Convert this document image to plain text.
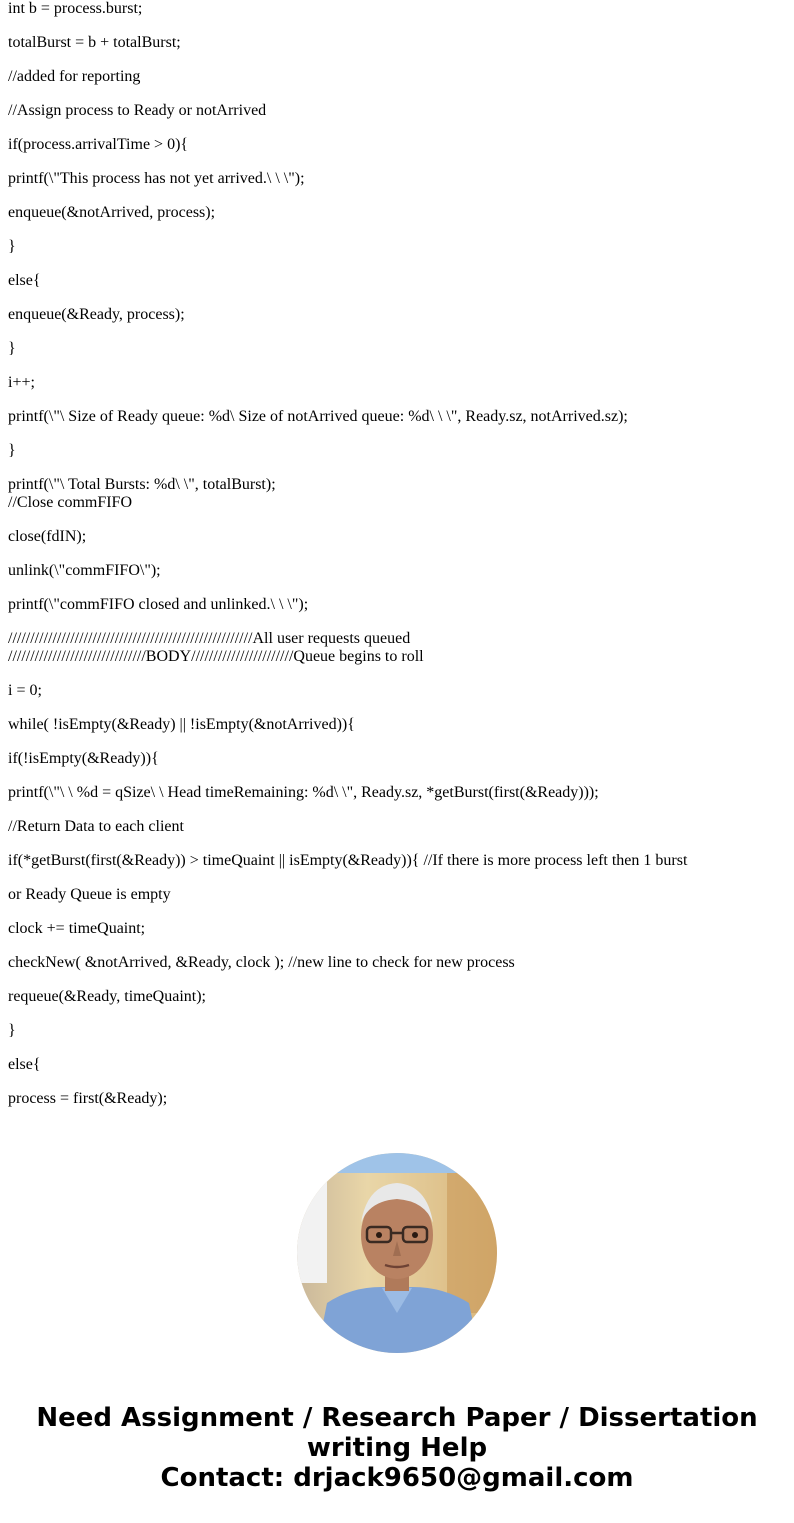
int b = process.burst;
totalBurst = b + totalBurst;
//added for reporting
//Assign process to Ready or notArrived
if(process.arrivalTime > 0){
printf(\"This process has not yet arrived.\ \ \");
enqueue(&notArrived, process);
}
else{
enqueue(&Ready, process);
}
i++;
printf(\"\ Size of Ready queue: %d\ Size of notArrived queue: %d\ \ \", Ready.sz, notArrived.sz);
}
printf(\"\ Total Bursts: %d\ \", totalBurst);
//Close commFIFO
close(fdIN);
unlink(\"commFIFO\");
printf(\"commFIFO closed and unlinked.\ \ \");
///////////////////////////////////////////////////////All user requests queued
///////////////////////////////BODY///////////////////////Queue begins to roll
i = 0;
while( !isEmpty(&Ready) || !isEmpty(&notArrived)){
if(!isEmpty(&Ready)){
printf(\"\ \ %d = qSize\ \ Head timeRemaining: %d\ \", Ready.sz, *getBurst(first(&Ready)));
//Return Data to each client
if(*getBurst(first(&Ready)) > timeQuaint || isEmpty(&Ready)){ //If there is more process left then 1 burst
or Ready Queue is empty
clock += timeQuaint;
checkNew( &notArrived, &Ready, clock ); //new line to check for new process
requeue(&Ready, timeQuaint);
}
else{
process = first(&Ready);
Need Assignment / Research Paper / Dissertation
writing Help
Contact: drjack9650@gmail.com
